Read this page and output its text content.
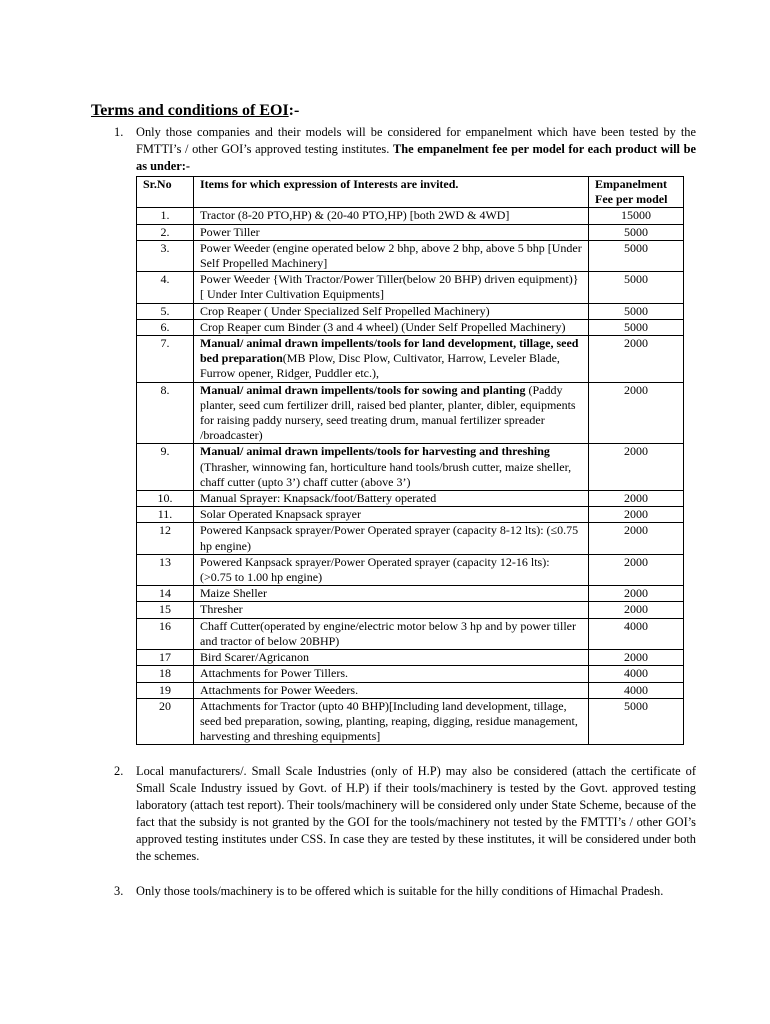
Terms and conditions of EOI:-
1. Only those companies and their models will be considered for empanelment which have been tested by the FMTTI’s / other GOI’s approved testing institutes. The empanelment fee per model for each product will be as under:-
Sr.No	Items for which expression of Interests are invited.	Empanelment Fee per model
1.	Tractor (8-20 PTO,HP) & (20-40 PTO,HP) [both 2WD & 4WD]	15000
2.	Power Tiller	5000
3.	Power Weeder (engine operated below 2 bhp, above 2 bhp, above 5 bhp [Under Self Propelled Machinery]	5000
4.	Power Weeder {With Tractor/Power Tiller(below 20 BHP) driven equipment)} [ Under Inter Cultivation Equipments]	5000
5.	Crop Reaper ( Under Specialized Self Propelled Machinery)	5000
6.	Crop Reaper cum Binder (3 and 4 wheel) (Under Self Propelled Machinery)	5000
7.	Manual/ animal drawn impellents/tools for land development, tillage, seed bed preparation(MB Plow, Disc Plow, Cultivator, Harrow, Leveler Blade, Furrow opener, Ridger, Puddler etc.),	2000
8.	Manual/ animal drawn impellents/tools for sowing and planting (Paddy planter, seed cum fertilizer drill, raised bed planter, planter, dibler, equipments for raising paddy nursery, seed treating drum, manual fertilizer spreader /broadcaster)	2000
9.	Manual/ animal drawn impellents/tools for harvesting and threshing (Thrasher, winnowing fan, horticulture hand tools/brush cutter, maize sheller, chaff cutter (upto 3’) chaff cutter (above 3’)	2000
10.	Manual Sprayer: Knapsack/foot/Battery operated	2000
11.	Solar Operated Knapsack sprayer	2000
12	Powered Kanpsack sprayer/Power Operated sprayer (capacity 8-12 lts): (≤0.75 hp engine)	2000
13	Powered Kanpsack sprayer/Power Operated sprayer (capacity 12-16 lts): (>0.75 to 1.00 hp engine)	2000
14	Maize Sheller	2000
15	Thresher	2000
16	Chaff Cutter(operated by engine/electric motor below 3 hp and by power tiller and tractor of below 20BHP)	4000
17	Bird Scarer/Agricanon	2000
18	Attachments for Power Tillers.	4000
19	Attachments for Power Weeders.	4000
20	Attachments for Tractor (upto 40 BHP)[Including land development, tillage, seed bed preparation, sowing, planting, reaping, digging, residue management, harvesting and threshing equipments]	5000
2. Local manufacturers/. Small Scale Industries (only of H.P) may also be considered (attach the certificate of Small Scale Industry issued by Govt. of H.P) if their tools/machinery is tested by the Govt. approved testing laboratory (attach test report). Their tools/machinery will be considered only under State Scheme, because of the fact that the subsidy is not granted by the GOI for the tools/machinery not tested by the FMTTI’s / other GOI’s approved testing institutes under CSS. In case they are tested by these institutes, it will be considered under both the schemes.
3. Only those tools/machinery is to be offered which is suitable for the hilly conditions of Himachal Pradesh.
